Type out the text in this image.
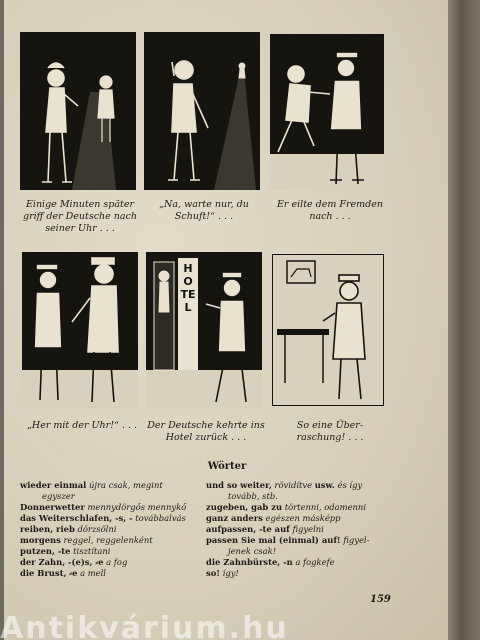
Einige Minuten später
griff der Deutsche nach
seiner Uhr . . .
„Na, warte nur, du
Schuft!“ . . .
Er eilte dem Fremden
nach . . .
HOTEL
„Her mit der Uhr!“ . . .	Der Deutsche kehrte ins
Hotel zurück . . .
So eine Über-
raschung! . . .
Wörter
wieder einmal újra csak, megint
egyszer
Donnerwetter mennydörgős mennykő
das Weiterschlafen, -s, - továbbalvás
reiben, rieb dörzsölni
morgens reggel, reggelenként
putzen, -te tisztítani
der Zahn, -(e)s, ⸗e a fog
die Brust, ⸗e a mell
und so weiter, rövidítve usw. és így
tovább, stb.
zugeben, gab zu törtenni, odamenni
ganz anders egészen másképp
aufpassen, -te auf figyelni
passen Sie mal (einmal) auf! figyel-
jenek csak!
die Zahnbürste, -n a fogkefe
so! így!
159
Antikvárium.hu
